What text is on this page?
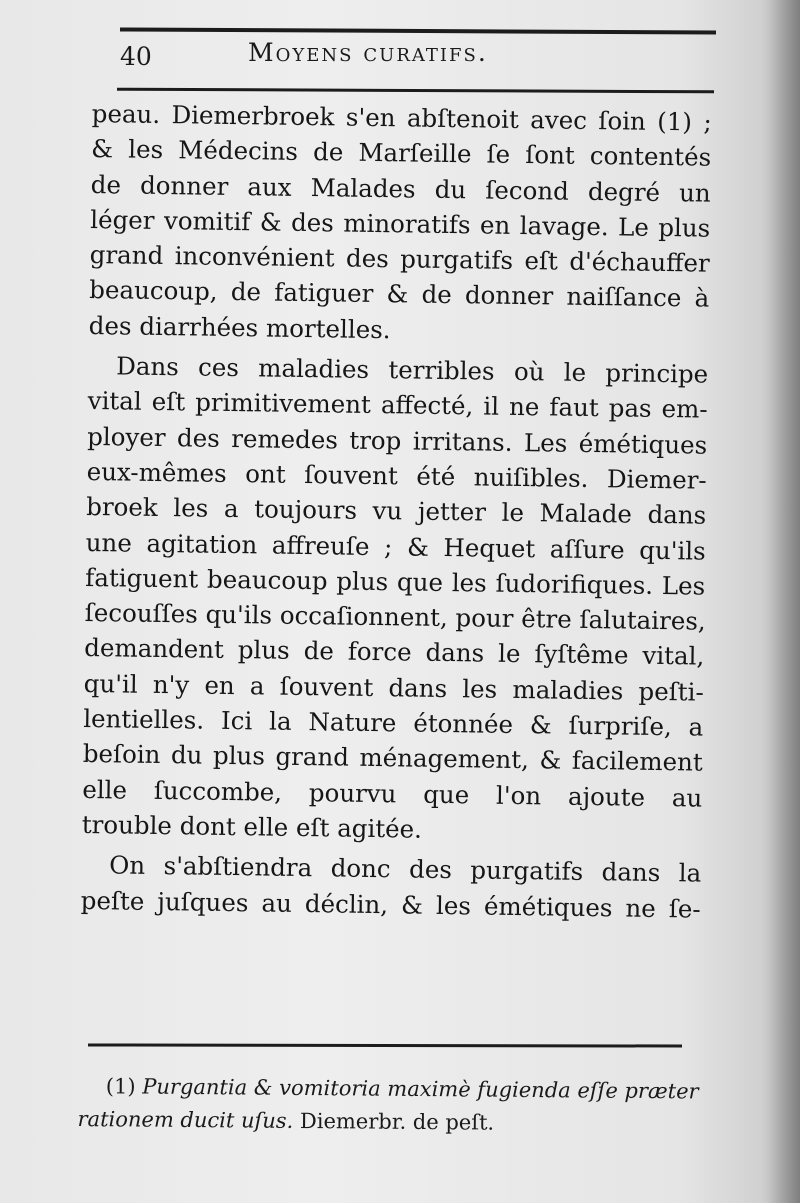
40	Moyens curatifs.
peau. Diemerbroek s'en abſtenoit avec ſoin (1) ;
& les Médecins de Marſeille ſe ſont contentés
de donner aux Malades du ſecond degré un
léger vomitif & des minoratifs en lavage. Le plus
grand inconvénient des purgatifs eſt d'échauffer
beaucoup, de fatiguer & de donner naiſſance à
des diarrhées mortelles.
Dans ces maladies terribles où le principe
vital eſt primitivement affecté, il ne faut pas em-
ployer des remedes trop irritans. Les émétiques
eux-mêmes ont ſouvent été nuiſibles. Diemer-
broek les a toujours vu jetter le Malade dans
une agitation affreuſe ; & Hequet aſſure qu'ils
fatiguent beaucoup plus que les ſudorifiques. Les
ſecouſſes qu'ils occaſionnent, pour être ſalutaires,
demandent plus de force dans le ſyſtême vital,
qu'il n'y en a ſouvent dans les maladies peſti-
lentielles. Ici la Nature étonnée & ſurpriſe, a
beſoin du plus grand ménagement, & facilement
elle ſuccombe, pourvu que l'on ajoute au
trouble dont elle eſt agitée.
On s'abſtiendra donc des purgatifs dans la
peſte juſques au déclin, & les émétiques ne ſe-
(1) Purgantia & vomitoria maximè fugienda eſſe præter
rationem ducit uſus. Diemerbr. de peſt.
